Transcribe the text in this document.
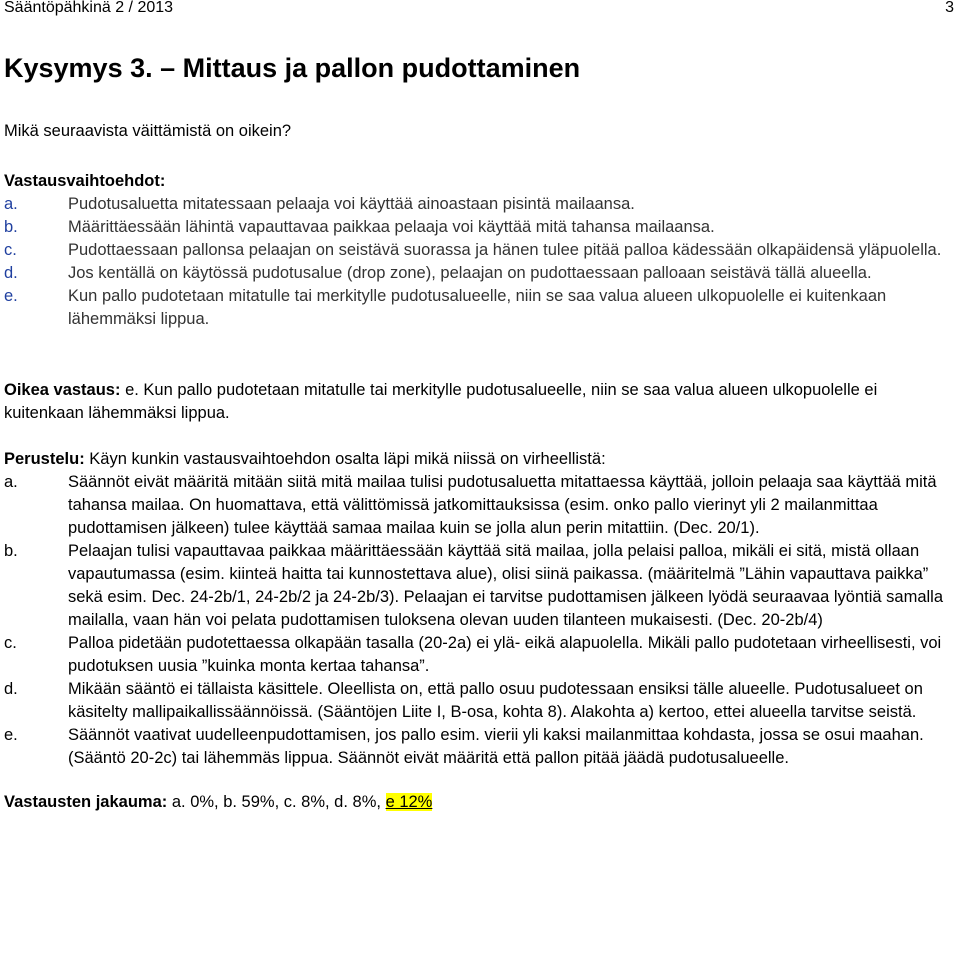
Sääntöpähkinä 2 / 2013	3
Kysymys 3. – Mittaus ja pallon pudottaminen

Mikä seuraavista väittämistä on oikein?

Vastausvaihtoehdot:

a.	Pudotusaluetta mitatessaan pelaaja voi käyttää ainoastaan pisintä mailaansa.
b.	Määrittäessään lähintä vapauttavaa paikkaa pelaaja voi käyttää mitä tahansa mailaansa.
c.	Pudottaessaan pallonsa pelaajan on seistävä suorassa ja hänen tulee pitää palloa kädessään olkapäidensä yläpuolella.
d.	Jos kentällä on käytössä pudotusalue (drop zone), pelaajan on pudottaessaan palloaan seistävä tällä alueella.
e.	Kun pallo pudotetaan mitatulle tai merkitylle pudotusalueelle, niin se saa valua alueen ulkopuolelle ei kuitenkaan lähemmäksi lippua.

Oikea vastaus: e. Kun pallo pudotetaan mitatulle tai merkitylle pudotusalueelle, niin se saa valua alueen ulkopuolelle ei kuitenkaan lähemmäksi lippua.

Perustelu: Käyn kunkin vastausvaihtoehdon osalta läpi mikä niissä on virheellistä:

a.	Säännöt eivät määritä mitään siitä mitä mailaa tulisi pudotusaluetta mitattaessa käyttää, jolloin pelaaja saa käyttää mitä tahansa mailaa. On huomattava, että välittömissä jatkomittauksissa (esim. onko pallo vierinyt yli 2 mailanmittaa pudottamisen jälkeen) tulee käyttää samaa mailaa kuin se jolla alun perin mitattiin. (Dec. 20/1).
b.	Pelaajan tulisi vapauttavaa paikkaa määrittäessään käyttää sitä mailaa, jolla pelaisi palloa, mikäli ei sitä, mistä ollaan vapautumassa (esim. kiinteä haitta tai kunnostettava alue), olisi siinä paikassa. (määritelmä ”Lähin vapauttava paikka” sekä esim. Dec. 24-2b/1, 24-2b/2 ja 24-2b/3). Pelaajan ei tarvitse pudottamisen jälkeen lyödä seuraavaa lyöntiä samalla mailalla, vaan hän voi pelata pudottamisen tuloksena olevan uuden tilanteen mukaisesti. (Dec. 20-2b/4)
c.	Palloa pidetään pudotettaessa olkapään tasalla (20-2a) ei ylä- eikä alapuolella. Mikäli pallo pudotetaan virheellisesti, voi pudotuksen uusia ”kuinka monta kertaa tahansa”.
d.	Mikään sääntö ei tällaista käsittele. Oleellista on, että pallo osuu pudotessaan ensiksi tälle alueelle. Pudotusalueet on käsitelty mallipaikallissäännöissä. (Sääntöjen Liite I, B-osa, kohta 8). Alakohta a) kertoo, ettei alueella tarvitse seistä.
e.	Säännöt vaativat uudelleenpudottamisen, jos pallo esim. vierii yli kaksi mailanmittaa kohdasta, jossa se osui maahan.(Sääntö 20-2c) tai lähemmäs lippua. Säännöt eivät määritä että pallon pitää jäädä pudotusalueelle.

Vastausten jakauma: a. 0%, b. 59%, c. 8%, d. 8%, e 12%
